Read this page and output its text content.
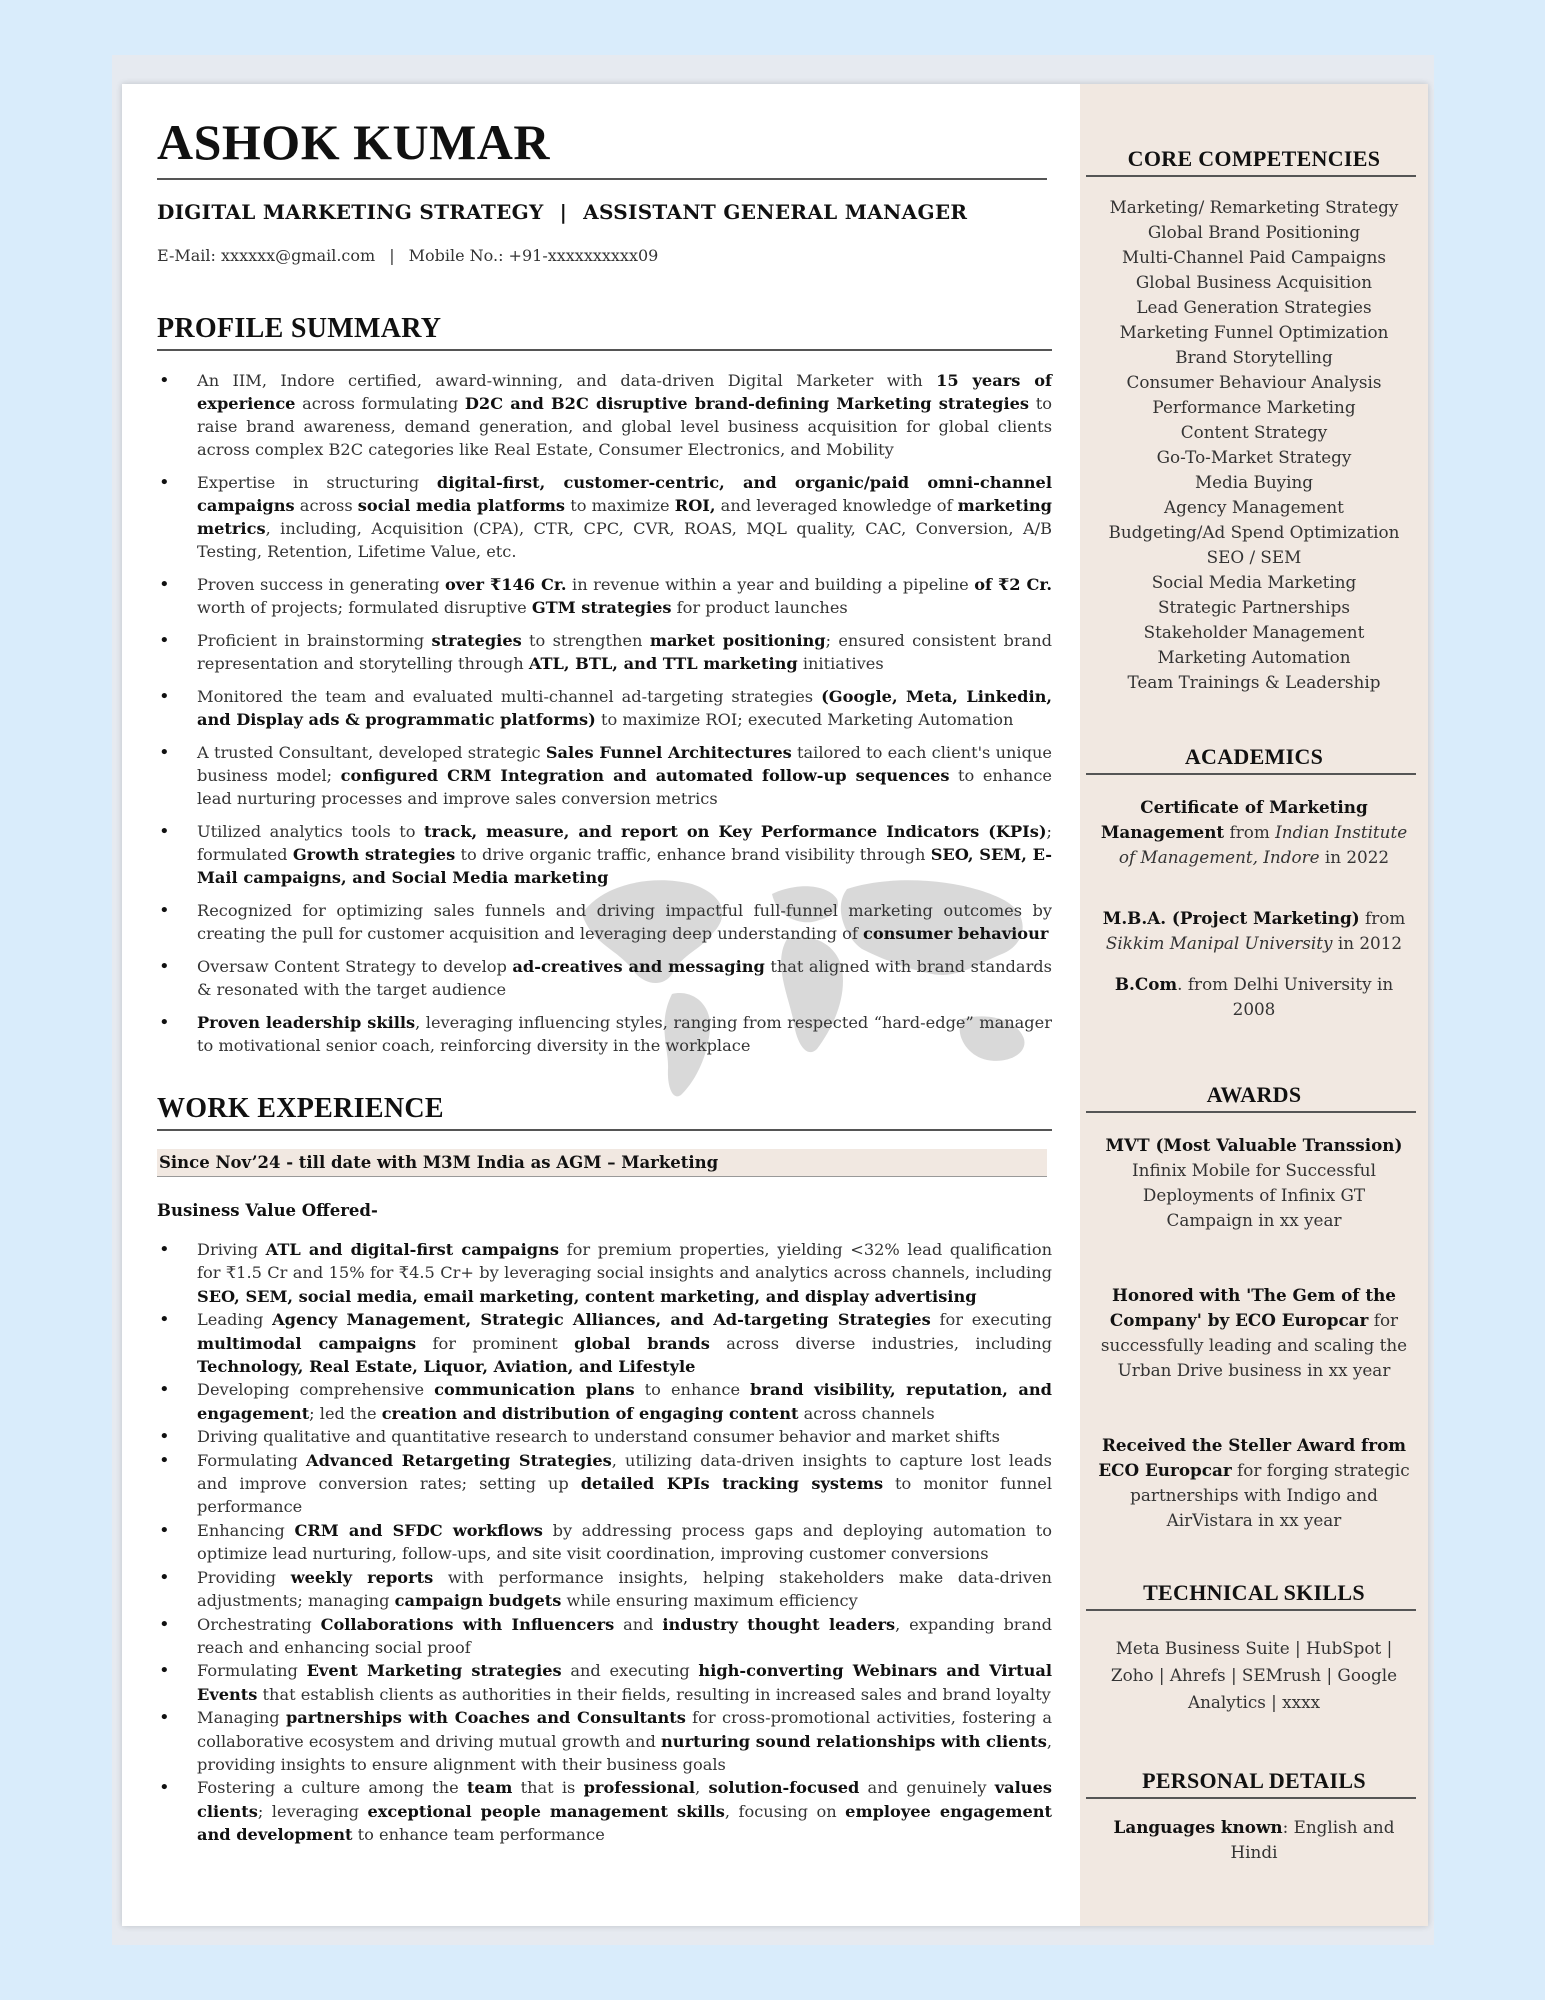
ASHOK KUMAR
DIGITAL MARKETING STRATEGY | ASSISTANT GENERAL MANAGER
E-Mail: xxxxxx@gmail.com | Mobile No.: +91-xxxxxxxxxx09
PROFILE SUMMARY
• An IIM, Indore certified, award-winning, and data-driven Digital Marketer with 15 years of experience across formulating D2C and B2C disruptive brand-defining Marketing strategies to raise brand awareness, demand generation, and global level business acquisition for global clients across complex B2C categories like Real Estate, Consumer Electronics, and Mobility
• Expertise in structuring digital-first, customer-centric, and organic/paid omni-channel campaigns across social media platforms to maximize ROI, and leveraged knowledge of marketing metrics, including, Acquisition (CPA), CTR, CPC, CVR, ROAS, MQL quality, CAC, Conversion, A/B Testing, Retention, Lifetime Value, etc.
• Proven success in generating over ₹146 Cr. in revenue within a year and building a pipeline of ₹2 Cr. worth of projects; formulated disruptive GTM strategies for product launches
• Proficient in brainstorming strategies to strengthen market positioning; ensured consistent brand representation and storytelling through ATL, BTL, and TTL marketing initiatives
• Monitored the team and evaluated multi-channel ad-targeting strategies (Google, Meta, Linkedin, and Display ads & programmatic platforms) to maximize ROI; executed Marketing Automation
• A trusted Consultant, developed strategic Sales Funnel Architectures tailored to each client's unique business model; configured CRM Integration and automated follow-up sequences to enhance lead nurturing processes and improve sales conversion metrics
• Utilized analytics tools to track, measure, and report on Key Performance Indicators (KPIs); formulated Growth strategies to drive organic traffic, enhance brand visibility through SEO, SEM, E-Mail campaigns, and Social Media marketing
• Recognized for optimizing sales funnels and driving impactful full-funnel marketing outcomes by creating the pull for customer acquisition and leveraging deep understanding of consumer behaviour
• Oversaw Content Strategy to develop ad-creatives and messaging that aligned with brand standards & resonated with the target audience
• Proven leadership skills, leveraging influencing styles, ranging from respected “hard-edge” manager to motivational senior coach, reinforcing diversity in the workplace
WORK EXPERIENCE
Since Nov’24 - till date with M3M India as AGM – Marketing
Business Value Offered-
• Driving ATL and digital-first campaigns for premium properties, yielding <32% lead qualification for ₹1.5 Cr and 15% for ₹4.5 Cr+ by leveraging social insights and analytics across channels, including SEO, SEM, social media, email marketing, content marketing, and display advertising
• Leading Agency Management, Strategic Alliances, and Ad-targeting Strategies for executing multimodal campaigns for prominent global brands across diverse industries, including Technology, Real Estate, Liquor, Aviation, and Lifestyle
• Developing comprehensive communication plans to enhance brand visibility, reputation, and engagement; led the creation and distribution of engaging content across channels
• Driving qualitative and quantitative research to understand consumer behavior and market shifts
• Formulating Advanced Retargeting Strategies, utilizing data-driven insights to capture lost leads and improve conversion rates; setting up detailed KPIs tracking systems to monitor funnel performance
• Enhancing CRM and SFDC workflows by addressing process gaps and deploying automation to optimize lead nurturing, follow-ups, and site visit coordination, improving customer conversions
• Providing weekly reports with performance insights, helping stakeholders make data-driven adjustments; managing campaign budgets while ensuring maximum efficiency
• Orchestrating Collaborations with Influencers and industry thought leaders, expanding brand reach and enhancing social proof
• Formulating Event Marketing strategies and executing high-converting Webinars and Virtual Events that establish clients as authorities in their fields, resulting in increased sales and brand loyalty
• Managing partnerships with Coaches and Consultants for cross-promotional activities, fostering a collaborative ecosystem and driving mutual growth and nurturing sound relationships with clients, providing insights to ensure alignment with their business goals
• Fostering a culture among the team that is professional, solution-focused and genuinely values clients; leveraging exceptional people management skills, focusing on employee engagement and development to enhance team performance
CORE COMPETENCIES
Marketing/ Remarketing Strategy
Global Brand Positioning
Multi-Channel Paid Campaigns
Global Business Acquisition
Lead Generation Strategies
Marketing Funnel Optimization
Brand Storytelling
Consumer Behaviour Analysis
Performance Marketing
Content Strategy
Go-To-Market Strategy
Media Buying
Agency Management
Budgeting/Ad Spend Optimization
SEO / SEM
Social Media Marketing
Strategic Partnerships
Stakeholder Management
Marketing Automation
Team Trainings & Leadership
ACADEMICS
Certificate of Marketing Management from Indian Institute of Management, Indore in 2022
M.B.A. (Project Marketing) from Sikkim Manipal University in 2012
B.Com. from Delhi University in 2008
AWARDS
MVT (Most Valuable Transsion) Infinix Mobile for Successful Deployments of Infinix GT Campaign in xx year
Honored with 'The Gem of the Company' by ECO Europcar for successfully leading and scaling the Urban Drive business in xx year
Received the Steller Award from ECO Europcar for forging strategic partnerships with Indigo and AirVistara in xx year
TECHNICAL SKILLS
Meta Business Suite | HubSpot | Zoho | Ahrefs | SEMrush | Google Analytics | xxxx
PERSONAL DETAILS
Languages known: English and Hindi
